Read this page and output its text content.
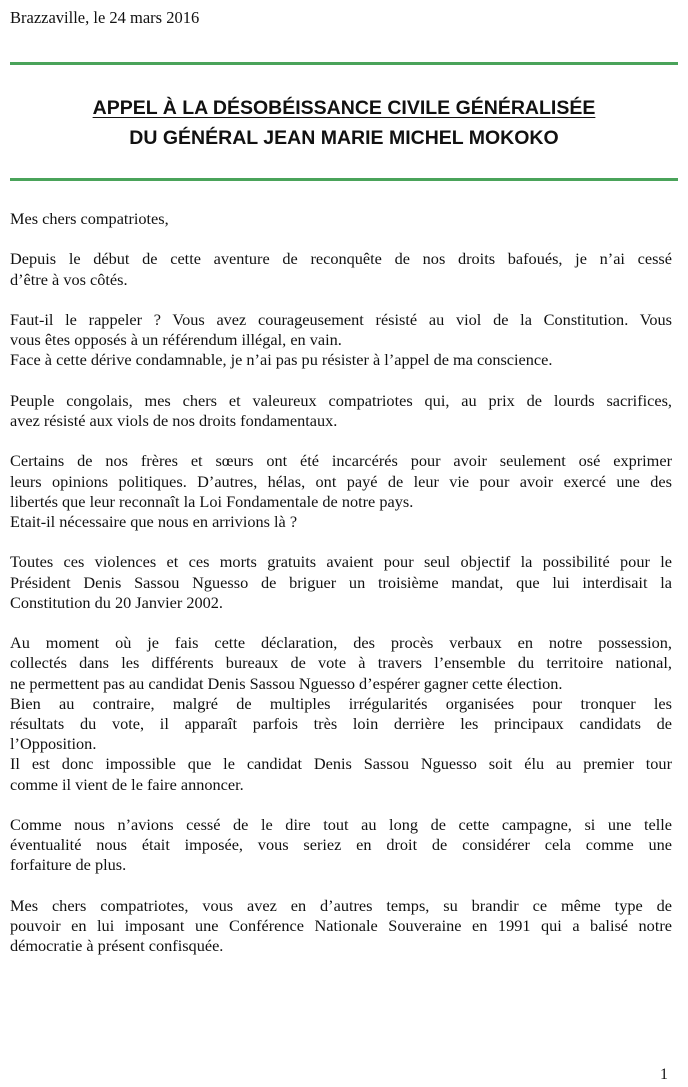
Brazzaville, le 24 mars 2016
APPEL À LA DÉSOBÉISSANCE CIVILE GÉNÉRALISÉE
DU GÉNÉRAL JEAN MARIE MICHEL MOKOKO
Mes chers compatriotes,
Depuis le début de cette aventure de reconquête de nos droits bafoués, je n’ai cessé
d’être à vos côtés.
Faut-il le rappeler ? Vous avez courageusement résisté au viol de la Constitution. Vous
vous êtes opposés à un référendum illégal, en vain.
Face à cette dérive condamnable, je n’ai pas pu résister à l’appel de ma conscience.
Peuple congolais, mes chers et valeureux compatriotes qui, au prix de lourds sacrifices,
avez résisté aux viols de nos droits fondamentaux.
Certains de nos frères et sœurs ont été incarcérés pour avoir seulement osé exprimer
leurs opinions politiques. D’autres, hélas, ont payé de leur vie pour avoir exercé une des
libertés que leur reconnaît la Loi Fondamentale de notre pays.
Etait-il nécessaire que nous en arrivions là ?
Toutes ces violences et ces morts gratuits avaient pour seul objectif la possibilité pour le
Président Denis Sassou Nguesso de briguer un troisième mandat, que lui interdisait la
Constitution du 20 Janvier 2002.
Au moment où je fais cette déclaration, des procès verbaux en notre possession,
collectés dans les différents bureaux de vote à travers l’ensemble du territoire national,
ne permettent pas au candidat Denis Sassou Nguesso d’espérer gagner cette élection.
Bien au contraire, malgré de multiples irrégularités organisées pour tronquer les
résultats du vote, il apparaît parfois très loin derrière les principaux candidats de
l’Opposition.
Il est donc impossible que le candidat Denis Sassou Nguesso soit élu au premier tour
comme il vient de le faire annoncer.
Comme nous n’avions cessé de le dire tout au long de cette campagne, si une telle
éventualité nous était imposée, vous seriez en droit de considérer cela comme une
forfaiture de plus.
Mes chers compatriotes, vous avez en d’autres temps, su brandir ce même type de
pouvoir en lui imposant une Conférence Nationale Souveraine en 1991 qui a balisé notre
démocratie à présent confisquée.
1
